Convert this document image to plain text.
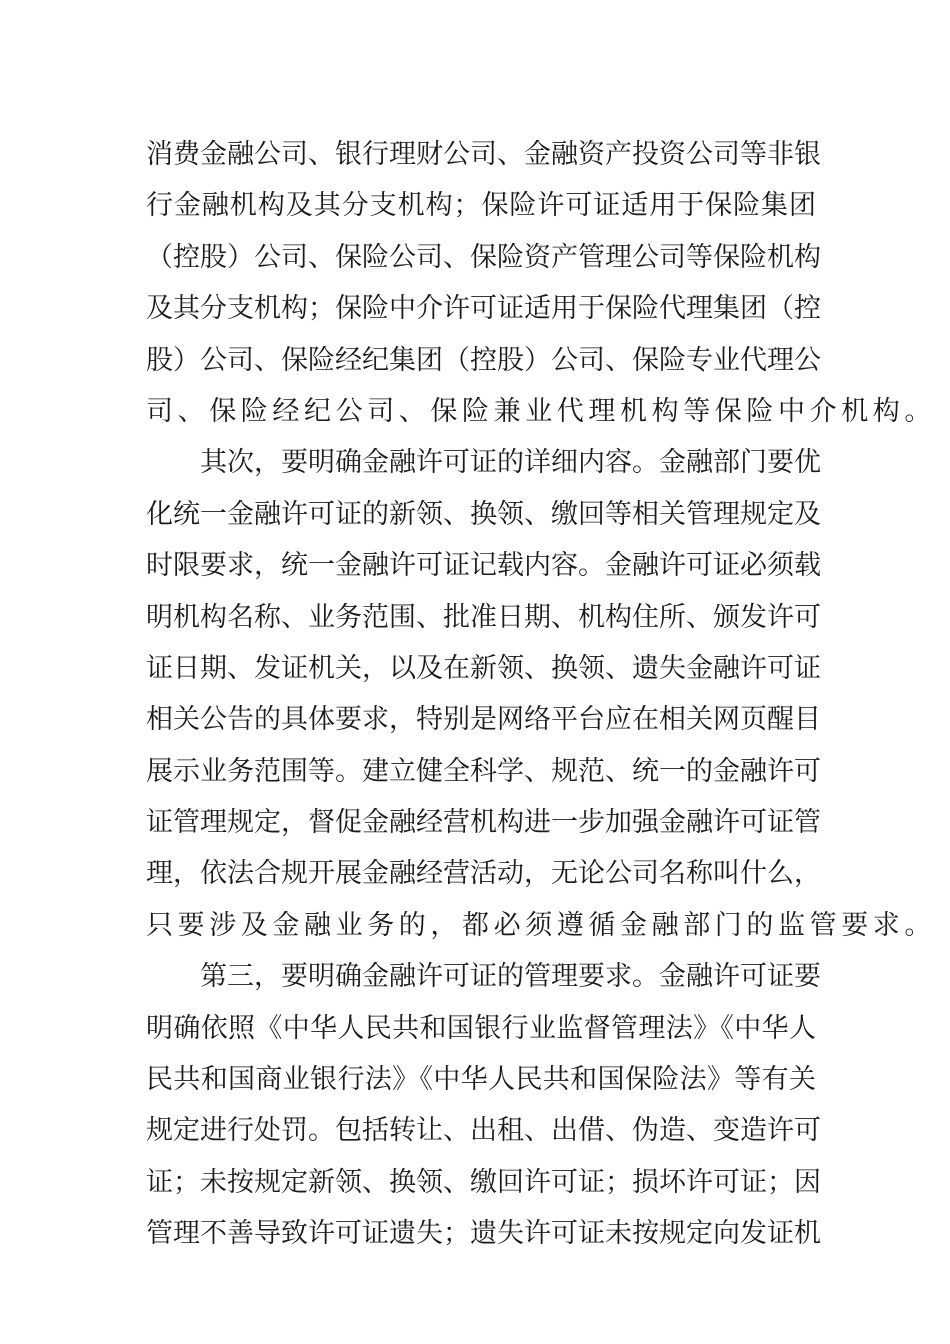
消费金融公司、银行理财公司、金融资产投资公司等非银
行金融机构及其分支机构；保险许可证适用于保险集团
（控股）公司、保险公司、保险资产管理公司等保险机构
及其分支机构；保险中介许可证适用于保险代理集团（控
股）公司、保险经纪集团（控股）公司、保险专业代理公
司、保险经纪公司、保险兼业代理机构等保险中介机构。
其次，要明确金融许可证的详细内容。金融部门要优
化统一金融许可证的新领、换领、缴回等相关管理规定及
时限要求，统一金融许可证记载内容。金融许可证必须载
明机构名称、业务范围、批准日期、机构住所、颁发许可
证日期、发证机关，以及在新领、换领、遗失金融许可证
相关公告的具体要求，特别是网络平台应在相关网页醒目
展示业务范围等。建立健全科学、规范、统一的金融许可
证管理规定，督促金融经营机构进一步加强金融许可证管
理，依法合规开展金融经营活动，无论公司名称叫什么，
只要涉及金融业务的，都必须遵循金融部门的监管要求。
第三，要明确金融许可证的管理要求。金融许可证要
明确依照《中华人民共和国银行业监督管理法》《中华人
民共和国商业银行法》《中华人民共和国保险法》等有关
规定进行处罚。包括转让、出租、出借、伪造、变造许可
证；未按规定新领、换领、缴回许可证；损坏许可证；因
管理不善导致许可证遗失；遗失许可证未按规定向发证机
